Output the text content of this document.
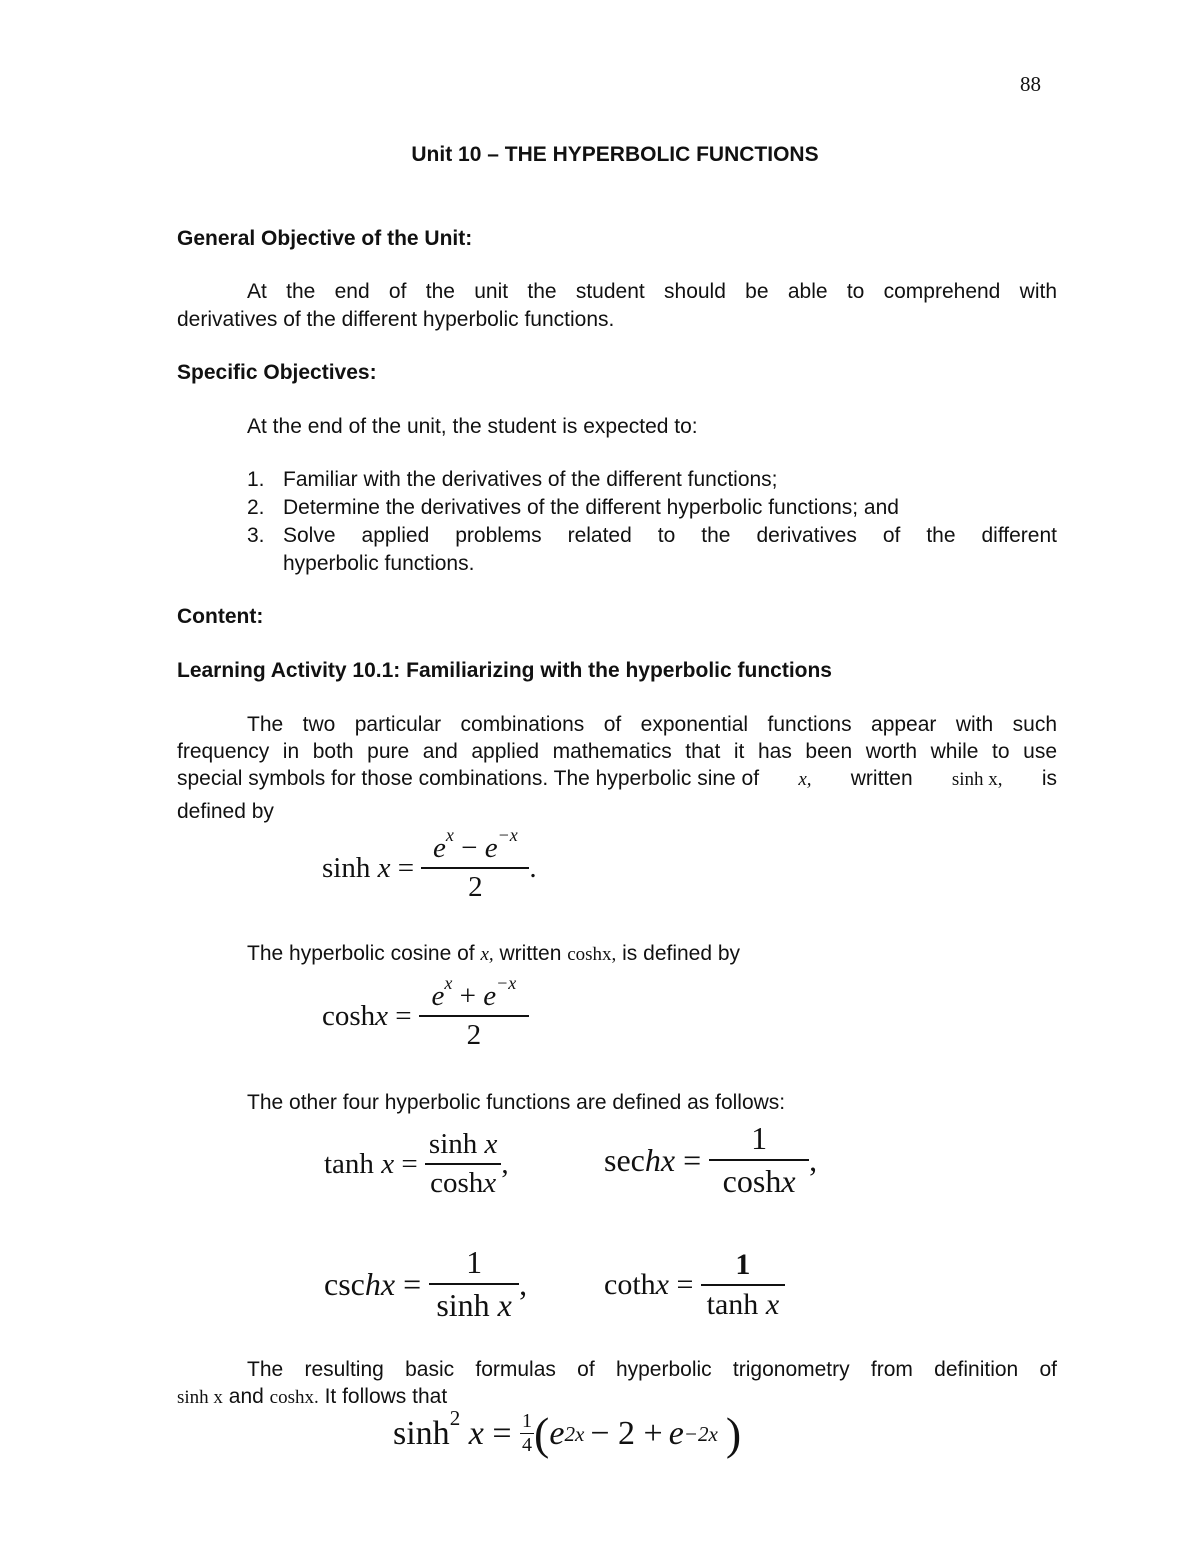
88
Unit 10 – THE HYPERBOLIC FUNCTIONS
General Objective of the Unit:
At the end of the unit the student should be able to comprehend with
derivatives of the different hyperbolic functions.
Specific Objectives:
At the end of the unit, the student is expected to:
1. Familiar with the derivatives of the different functions;
2. Determine the derivatives of the different hyperbolic functions; and
3. Solve applied problems related to the derivatives of the different
hyperbolic functions.
Content:
Learning Activity 10.1: Familiarizing with the hyperbolic functions
The two particular combinations of exponential functions appear with such
frequency in both pure and applied mathematics that it has been worth while to use
special symbols for those combinations. The hyperbolic sine of x, written sinh x, is
defined by
$\sinh x = \frac{e^x - e^{-x}}{2}$ .
The hyperbolic cosine of x, written coshx, is defined by
$\cosh x = \frac{e^x + e^{-x}}{2}$
The other four hyperbolic functions are defined as follows:
$\tanh x = \frac{\text{sinh x}}{\cosh x}$ ,	sechx = $\frac{1}{\cosh x}$ ,
cschx = $\frac{1}{\text{sinh x}}$ ,	cothx = $\frac{1}{\text{tanh x}}$
The resulting basic formulas of hyperbolic trigonometry from definition of
sinh x and coshx. It follows that
$\sinh^2 x = \frac{1}{4}$ ( e 2x − 2 + e −2x )
